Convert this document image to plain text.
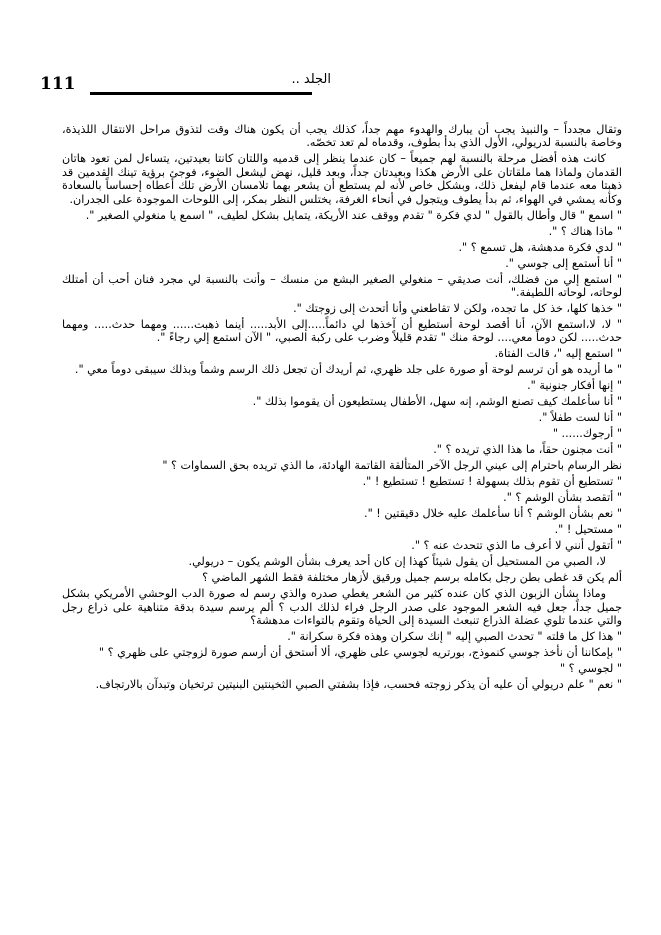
111	الجلد ..

وتقال مجدداً – والنبيذ يجب أن يبارك والهدوء مهم جداً، كذلك يجب أن يكون هناك وقت لتذوق مراحل الانتقال اللذيذة، وخاصة بالنسبة لدريولي، الأول الذي بدأ بطوف، وقدماه لم تعد تخصّه.

كانت هذه أفضل مرحلة بالنسبة لهم جميعاً – كان عندما ينظر إلى قدميه واللتان كانتا بعيدتين، يتساءل لمن تعود هاتان القدمان ولماذا هما ملقاتان على الأرض هكذا وبعيدتان جداً، وبعد قليل، نهض ليشعل الضوء، فوجئ برؤية تينك القدمين قد ذهبتا معه عندما قام ليفعل ذلك، وبشكل خاص لأنه لم يستطع أن يشعر بهما تلامسان الأرض تلك أعطاه إحساساً بالسعادة وكأنه يمشي في الهواء، ثم بدأ يطوف ويتجول في أنحاء الغرفة، يختلس النظر بمكر، إلى اللوحات الموجودة على الجدران.

" اسمع " قال وأطال بالقول " لدي فكرة " تقدم ووقف عند الأريكة، يتمايل بشكل لطيف، " اسمع يا منغولي الصغير ".

" ماذا هناك ؟ ".

" لدي فكرة مدهشة، هل تسمع ؟ ".

" أنا أستمع إلى جوسي ".

" استمع إلي من فضلك، أنت صديقي – منغولي الصغير البشع من منسك – وأنت بالنسبة لي مجرد فنان أحب أن أمتلك لوحاته، لوحاته اللطيفة."

" خذها كلها، خذ كل ما تجده، ولكن لا تقاطعني وأنا أتحدث إلى زوجتك ".

" لا، لا،استمع الآن، أنا أقصد لوحة أستطيع أن آخذها لي دائماً.....إلى الأبد..... أينما ذهبت...... ومهما حدث..... ومهما حدث..... لكن دوماً معي.... لوحة منك " تقدم قليلاً وضرب على ركبة الصبي، " الآن استمع إلي رجاءً ".

" استمع إليه "، قالت الفتاة.

" ما أريده هو أن ترسم لوحة أو صورة على جلد ظهري، ثم أريدك أن تجعل ذلك الرسم وشماً وبذلك سيبقى دوماً معي ".

" إنها أفكار جنونية ".

" أنا سأعلمك كيف تصنع الوشم، إنه سهل، الأطفال يستطيعون أن يقوموا بذلك ".

" أنا لست طفلاً ".

" أرجوك...... "

" أنت مجنون حقاً، ما هذا الذي تريده ؟ ".

نظر الرسام باحترام إلى عيني الرجل الآخر المتألقة القاتمة الهادئة، ما الذي تريده بحق السماوات ؟ "

" تستطيع أن تقوم بذلك بسهولة ! تستطيع ! تستطيع ! ".

" أتقصد بشأن الوشم ؟ ".

" نعم بشأن الوشم ؟ أنا سأعلمك عليه خلال دقيقتين ! ".

" مستحيل ! ".

" أتقول أنني لا أعرف ما الذي تتحدث عنه ؟ ".

لا، الصبي من المستحيل أن يقول شيئاً كهذا إن كان أحد يعرف بشأن الوشم يكون – دريولي.

ألم يكن قد غطى بطن رجل بكامله برسم جميل ورقيق لأزهار مختلفة فقط الشهر الماضي ؟

وماذا بشأن الزبون الذي كان عنده كثير من الشعر يغطي صدره والذي رسم له صورة الدب الوحشي الأمريكي بشكل جميل جداً، جعل فيه الشعر الموجود على صدر الرجل فراء لذلك الدب ؟ ألم يرسم سيدة بدقة متناهية على ذراع رجل والتي عندما تلوي عضلة الذراع تنبعث السيدة إلى الحياة وتقوم بالتواءات مدهشة؟

" هذا كل ما قلته " تحدث الصبي إليه " إنك سكران وهذه فكرة سكرانة ".

" بإمكاننا أن نأخذ جوسي كنموذج، بورتريه لجوسي على ظهري، ألا أستحق أن أرسم صورة لزوجتي على ظهري ؟ "

" لجوسي ؟ "

" نعم " علم دريولي أن عليه أن يذكر زوجته فحسب، فإذا بشفتي الصبي الثخينتين البنيتين ترتخيان وتبدآن بالارتجاف.
